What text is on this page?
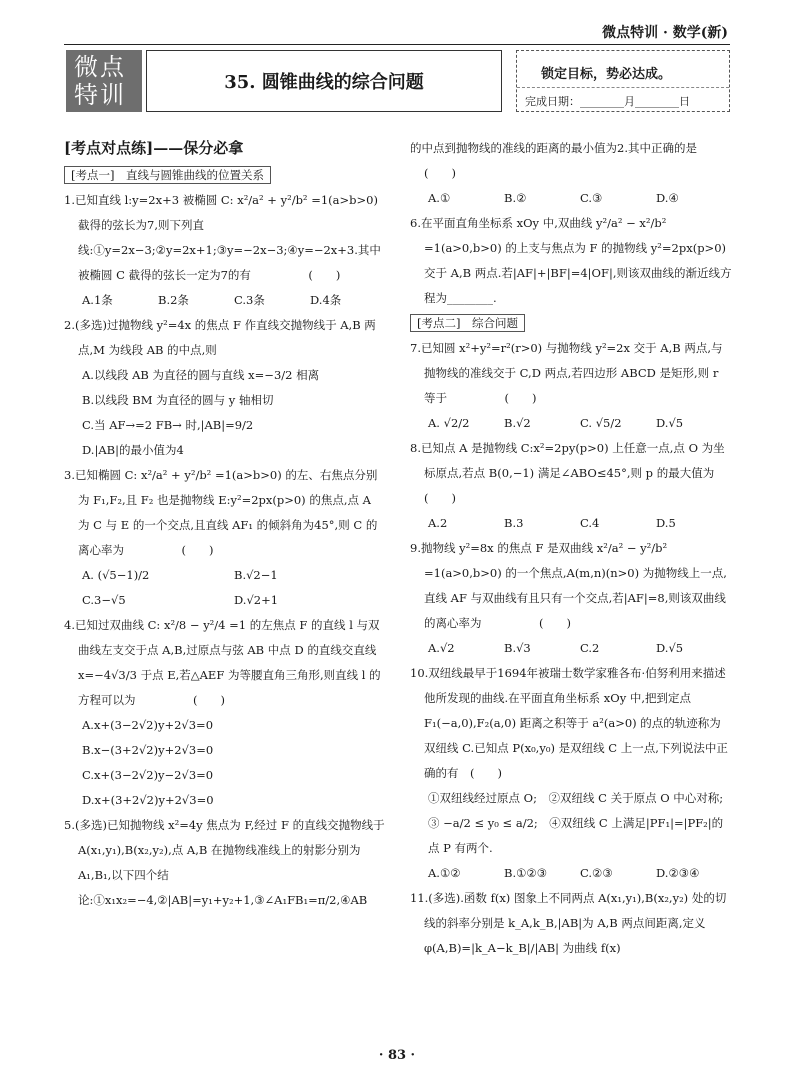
微点特训 · 数学(新)
微点
特训	35. 圆锥曲线的综合问题	锁定目标，势必达成。
完成日期：________月________日
[考点对点练]——保分必拿
[考点一]　直线与圆锥曲线的位置关系

1.已知直线 l:y=2x+3 被椭圆 C: x²/a² + y²/b² =1(a>b>0) 截得的弦长为7,则下列直线:①y=2x−3;②y=2x+1;③y=−2x−3;④y=−2x+3.其中被椭圆 C 截得的弦长一定为7的有　　　　　(　　)

A.1条	B.2条	C.3条	D.4条

2.(多选)过抛物线 y²=4x 的焦点 F 作直线交抛物线于 A,B 两点,M 为线段 AB 的中点,则

A.以线段 AB 为直径的圆与直线 x=−3/2 相离

B.以线段 BM 为直径的圆与 y 轴相切

C.当 AF→=2 FB→ 时,|AB|=9/2

D.|AB|的最小值为4

3.已知椭圆 C: x²/a² + y²/b² =1(a>b>0) 的左、右焦点分别为 F₁,F₂,且 F₂ 也是抛物线 E:y²=2px(p>0) 的焦点,点 A 为 C 与 E 的一个交点,且直线 AF₁ 的倾斜角为45°,则 C 的离心率为　　　　　(　　)

A. (√5−1)/2	B.√2−1
C.3−√5	D.√2+1

4.已知过双曲线 C: x²/8 − y²/4 =1 的左焦点 F 的直线 l 与双曲线左支交于点 A,B,过原点与弦 AB 中点 D 的直线交直线 x=−4√3/3 于点 E,若△AEF 为等腰直角三角形,则直线 l 的方程可以为　　　　　(　　)

A.x+(3−2√2)y+2√3=0

B.x−(3+2√2)y+2√3=0

C.x+(3−2√2)y−2√3=0

D.x+(3+2√2)y+2√3=0

5.(多选)已知抛物线 x²=4y 焦点为 F,经过 F 的直线交抛物线于 A(x₁,y₁),B(x₂,y₂),点 A,B 在抛物线准线上的射影分别为 A₁,B₁,以下四个结论:①x₁x₂=−4,②|AB|=y₁+y₂+1,③∠A₁FB₁=π/2,④AB

的中点到抛物线的准线的距离的最小值为2.其中正确的是　　　　　(　　)

A.①	B.②	C.③	D.④

6.在平面直角坐标系 xOy 中,双曲线 y²/a² − x²/b² =1(a>0,b>0) 的上支与焦点为 F 的抛物线 y²=2px(p>0) 交于 A,B 两点.若|AF|+|BF|=4|OF|,则该双曲线的渐近线方程为________.

[考点二]　综合问题

7.已知圆 x²+y²=r²(r>0) 与抛物线 y²=2x 交于 A,B 两点,与抛物线的准线交于 C,D 两点,若四边形 ABCD 是矩形,则 r 等于　　　　　(　　)

A. √2/2	B.√2	C. √5/2	D.√5

8.已知点 A 是抛物线 C:x²=2py(p>0) 上任意一点,点 O 为坐标原点,若点 B(0,−1) 满足∠ABO≤45°,则 p 的最大值为　　　　　(　　)

A.2	B.3	C.4	D.5

9.抛物线 y²=8x 的焦点 F 是双曲线 x²/a² − y²/b² =1(a>0,b>0) 的一个焦点,A(m,n)(n>0) 为抛物线上一点,直线 AF 与双曲线有且只有一个交点,若|AF|=8,则该双曲线的离心率为　　　　　(　　)

A.√2	B.√3	C.2	D.√5

10.双纽线最早于1694年被瑞士数学家雅各布·伯努利用来描述他所发现的曲线.在平面直角坐标系 xOy 中,把到定点 F₁(−a,0),F₂(a,0) 距离之积等于 a²(a>0) 的点的轨迹称为双纽线 C.已知点 P(x₀,y₀) 是双纽线 C 上一点,下列说法中正确的有　(　　)

①双纽线经过原点 O;　②双纽线 C 关于原点 O 中心对称;　③ −a/2 ≤ y₀ ≤ a/2;　④双纽线 C 上满足|PF₁|=|PF₂|的点 P 有两个.

A.①②	B.①②③	C.②③	D.②③④

11.(多选).函数 f(x) 图象上不同两点 A(x₁,y₁),B(x₂,y₂) 处的切线的斜率分别是 k_A,k_B,|AB|为 A,B 两点间距离,定义 φ(A,B)=|k_A−k_B|/|AB| 为曲线 f(x)

· 83 ·
